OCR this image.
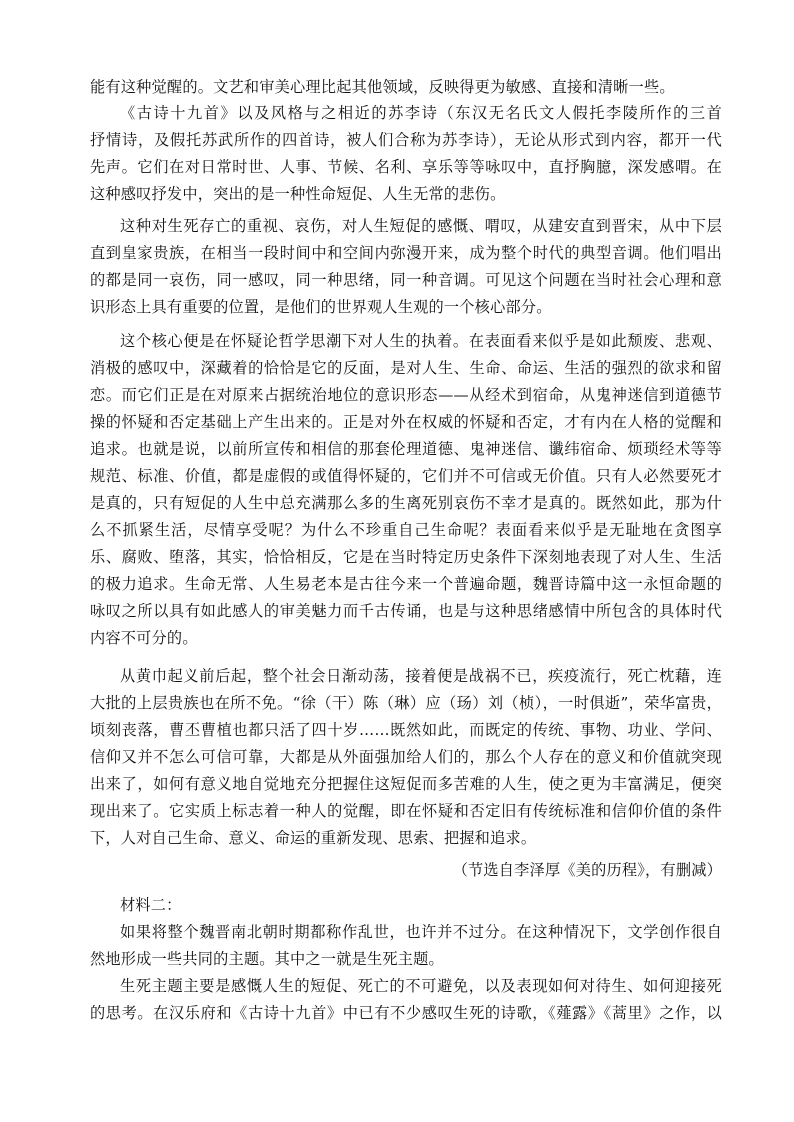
能有这种觉醒的。文艺和审美心理比起其他领域，反映得更为敏感、直接和清晰一些。
《古诗十九首》以及风格与之相近的苏李诗（东汉无名氏文人假托李陵所作的三首
抒情诗，及假托苏武所作的四首诗，被人们合称为苏李诗），无论从形式到内容，都开一代
先声。它们在对日常时世、人事、节候、名利、享乐等等咏叹中，直抒胸臆，深发感喟。在
这种感叹抒发中，突出的是一种性命短促、人生无常的悲伤。
这种对生死存亡的重视、哀伤，对人生短促的感慨、喟叹，从建安直到晋宋，从中下层
直到皇家贵族，在相当一段时间中和空间内弥漫开来，成为整个时代的典型音调。他们唱出
的都是同一哀伤，同一感叹，同一种思绪，同一种音调。可见这个问题在当时社会心理和意
识形态上具有重要的位置，是他们的世界观人生观的一个核心部分。
这个核心便是在怀疑论哲学思潮下对人生的执着。在表面看来似乎是如此颓废、悲观、
消极的感叹中，深藏着的恰恰是它的反面，是对人生、生命、命运、生活的强烈的欲求和留
恋。而它们正是在对原来占据统治地位的意识形态——从经术到宿命，从鬼神迷信到道德节
操的怀疑和否定基础上产生出来的。正是对外在权威的怀疑和否定，才有内在人格的觉醒和
追求。也就是说，以前所宣传和相信的那套伦理道德、鬼神迷信、谶纬宿命、烦琐经术等等
规范、标准、价值，都是虚假的或值得怀疑的，它们并不可信或无价值。只有人必然要死才
是真的，只有短促的人生中总充满那么多的生离死别哀伤不幸才是真的。既然如此，那为什
么不抓紧生活，尽情享受呢？为什么不珍重自己生命呢？表面看来似乎是无耻地在贪图享
乐、腐败、堕落，其实，恰恰相反，它是在当时特定历史条件下深刻地表现了对人生、生活
的极力追求。生命无常、人生易老本是古往今来一个普遍命题，魏晋诗篇中这一永恒命题的
咏叹之所以具有如此感人的审美魅力而千古传诵，也是与这种思绪感情中所包含的具体时代
内容不可分的。
从黄巾起义前后起，整个社会日渐动荡，接着便是战祸不已，疾疫流行，死亡枕藉，连
大批的上层贵族也在所不免。“徐（干）陈（琳）应（玚）刘（桢），一时俱逝”，荣华富贵，
顷刻丧落，曹丕曹植也都只活了四十岁……既然如此，而既定的传统、事物、功业、学问、
信仰又并不怎么可信可靠，大都是从外面强加给人们的，那么个人存在的意义和价值就突现
出来了，如何有意义地自觉地充分把握住这短促而多苦难的人生，使之更为丰富满足，便突
现出来了。它实质上标志着一种人的觉醒，即在怀疑和否定旧有传统标准和信仰价值的条件
下，人对自己生命、意义、命运的重新发现、思索、把握和追求。
（节选自李泽厚《美的历程》，有删减）
材料二：
如果将整个魏晋南北朝时期都称作乱世，也许并不过分。在这种情况下，文学创作很自
然地形成一些共同的主题。其中之一就是生死主题。
生死主题主要是感慨人生的短促、死亡的不可避免，以及表现如何对待生、如何迎接死
的思考。在汉乐府和《古诗十九首》中已有不少感叹生死的诗歌，《薤露》《蒿里》之作，以
